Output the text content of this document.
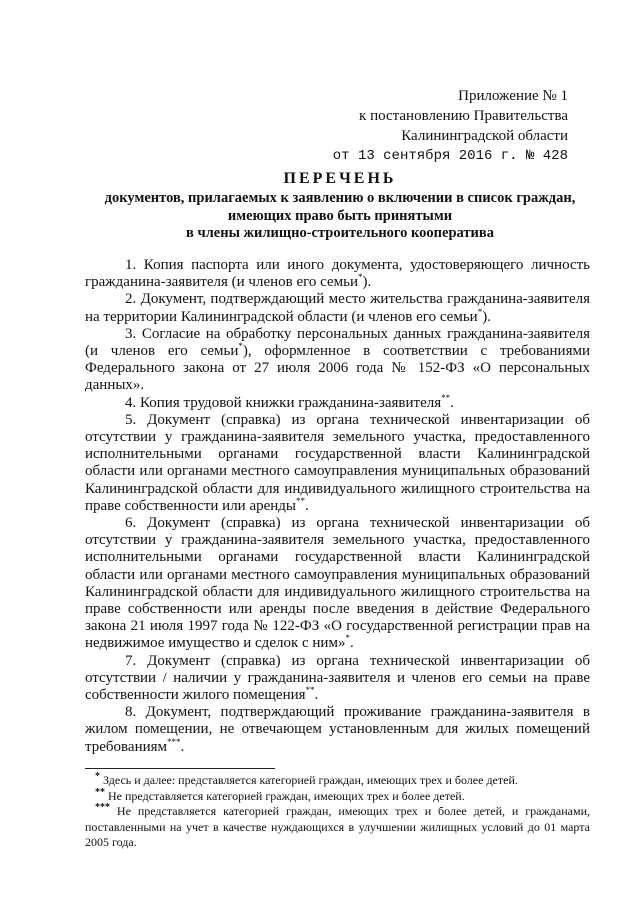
Приложение № 1
к постановлению Правительства
Калининградской области
от 13 сентября 2016 г. № 428
ПЕРЕЧЕНЬ
документов, прилагаемых к заявлению о включении в список граждан,
имеющих право быть принятыми
в члены жилищно-строительного кооператива

1. Копия паспорта или иного документа, удостоверяющего личность гражданина-заявителя (и членов его семьи*).

2. Документ, подтверждающий место жительства гражданина-заявителя на территории Калининградской области (и членов его семьи*).

3. Согласие на обработку персональных данных гражданина-заявителя (и членов его семьи*), оформленное в соответствии с требованиями Федерального закона от 27 июля 2006 года № 152-ФЗ «О персональных данных».

4. Копия трудовой книжки гражданина-заявителя**.

5. Документ (справка) из органа технической инвентаризации об отсутствии у гражданина-заявителя земельного участка, предоставленного исполнительными органами государственной власти Калининградской области или органами местного самоуправления муниципальных образований Калининградской области для индивидуального жилищного строительства на праве собственности или аренды**.

6. Документ (справка) из органа технической инвентаризации об отсутствии у гражданина-заявителя земельного участка, предоставленного исполнительными органами государственной власти Калининградской области или органами местного самоуправления муниципальных образований Калининградской области для индивидуального жилищного строительства на праве собственности или аренды после введения в действие Федерального закона 21 июля 1997 года № 122-ФЗ «О государственной регистрации прав на недвижимое имущество и сделок с ним»*.

7. Документ (справка) из органа технической инвентаризации об отсутствии / наличии у гражданина-заявителя и членов его семьи на праве собственности жилого помещения**.

8. Документ, подтверждающий проживание гражданина-заявителя в жилом помещении, не отвечающем установленным для жилых помещений требованиям***.

* Здесь и далее: представляется категорией граждан, имеющих трех и более детей.

** Не представляется категорией граждан, имеющих трех и более детей.

*** Не представляется категорией граждан, имеющих трех и более детей, и гражданами, поставленными на учет в качестве нуждающихся в улучшении жилищных условий до 01 марта 2005 года.
